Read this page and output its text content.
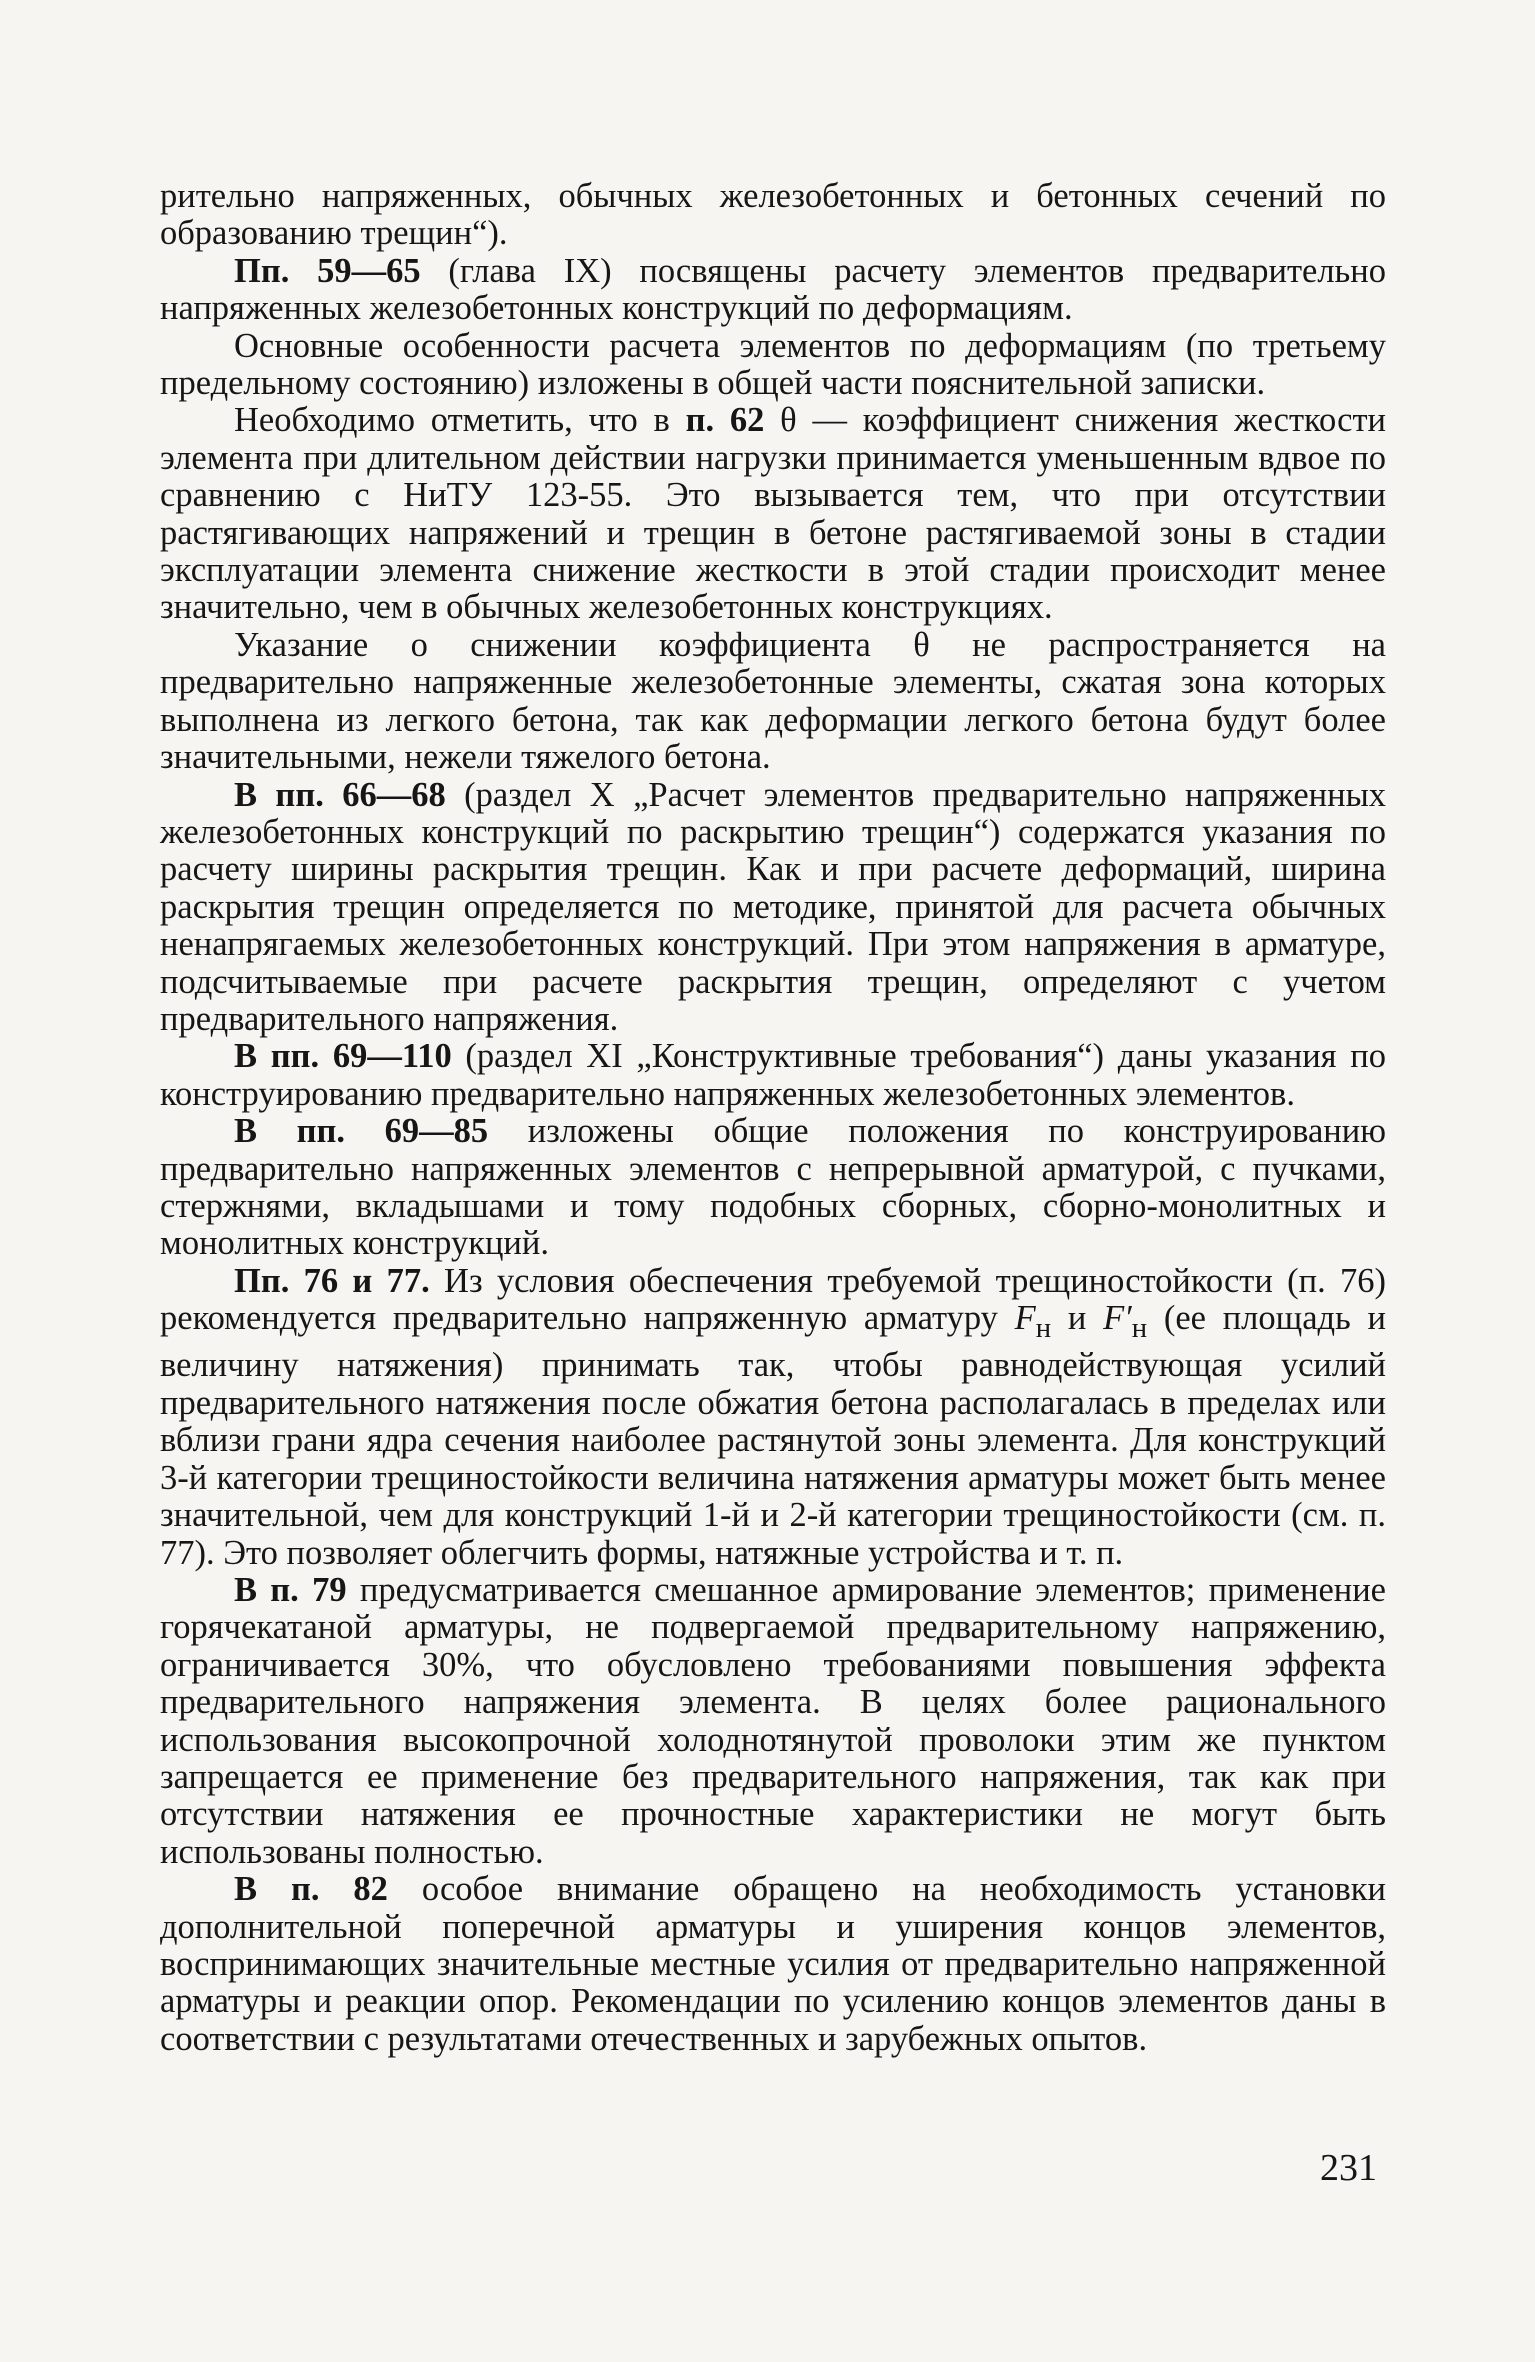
рительно напряженных, обычных железобетонных и бетонных сечений по образованию трещин“).

Пп. 59—65 (глава IX) посвящены расчету элементов предварительно напряженных железобетонных конструкций по деформациям.

Основные особенности расчета элементов по деформациям (по третьему предельному состоянию) изложены в общей части пояснительной записки.

Необходимо отметить, что в п. 62 θ — коэффициент снижения жесткости элемента при длительном действии нагрузки принимается уменьшенным вдвое по сравнению с НиТУ 123-55. Это вызывается тем, что при отсутствии растягивающих напряжений и трещин в бетоне растягиваемой зоны в стадии эксплуатации элемента снижение жесткости в этой стадии происходит менее значительно, чем в обычных железобетонных конструкциях.

Указание о снижении коэффициента θ не распространяется на предварительно напряженные железобетонные элементы, сжатая зона которых выполнена из легкого бетона, так как деформации легкого бетона будут более значительными, нежели тяжелого бетона.

В пп. 66—68 (раздел X „Расчет элементов предварительно напряженных железобетонных конструкций по раскрытию трещин“) содержатся указания по расчету ширины раскрытия трещин. Как и при расчете деформаций, ширина раскрытия трещин определяется по методике, принятой для расчета обычных ненапрягаемых железобетонных конструкций. При этом напряжения в арматуре, подсчитываемые при расчете раскрытия трещин, определяют с учетом предварительного напряжения.

В пп. 69—110 (раздел XI „Конструктивные требования“) даны указания по конструированию предварительно напряженных железобетонных элементов.

В пп. 69—85 изложены общие положения по конструированию предварительно напряженных элементов с непрерывной арматурой, с пучками, стержнями, вкладышами и тому подобных сборных, сборно-монолитных и монолитных конструкций.

Пп. 76 и 77. Из условия обеспечения требуемой трещиностойкости (п. 76) рекомендуется предварительно напряженную арматуру $F_н$ и $F'_н$ (ее площадь и величину натяжения) принимать так, чтобы равнодействующая усилий предварительного натяжения после обжатия бетона располагалась в пределах или вблизи грани ядра сечения наиболее растянутой зоны элемента. Для конструкций 3-й категории трещиностойкости величина натяжения арматуры может быть менее значительной, чем для конструкций 1-й и 2-й категории трещиностойкости (см. п. 77). Это позволяет облегчить формы, натяжные устройства и т. п.

В п. 79 предусматривается смешанное армирование элементов; применение горячекатаной арматуры, не подвергаемой предварительному напряжению, ограничивается 30%, что обусловлено требованиями повышения эффекта предварительного напряжения элемента. В целях более рационального использования высокопрочной холоднотянутой проволоки этим же пунктом запрещается ее применение без предварительного напряжения, так как при отсутствии натяжения ее прочностные характеристики не могут быть использованы полностью.

В п. 82 особое внимание обращено на необходимость установки дополнительной поперечной арматуры и уширения концов элементов, воспринимающих значительные местные усилия от предварительно напряженной арматуры и реакции опор. Рекомендации по усилению концов элементов даны в соответствии с результатами отечественных и зарубежных опытов.

231
